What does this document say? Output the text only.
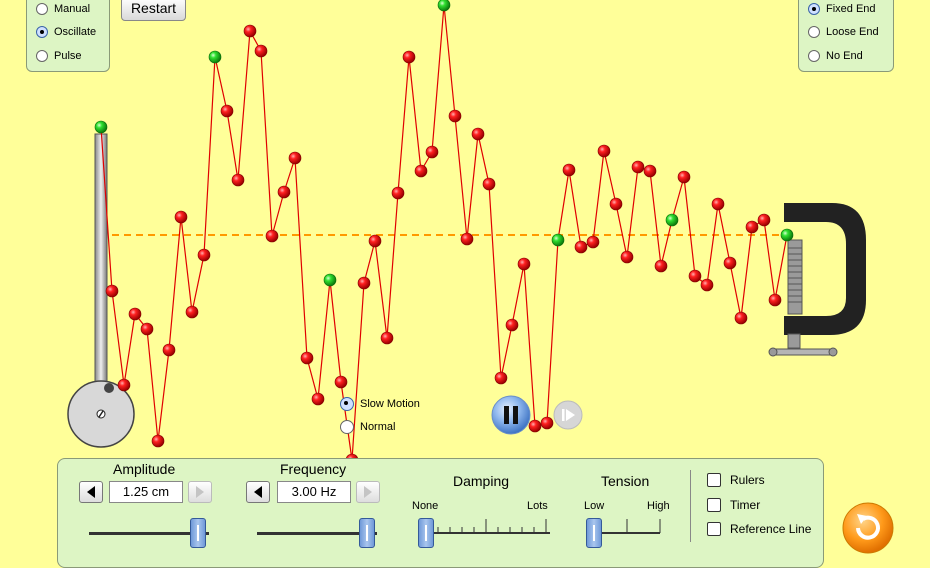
Manual
Oscillate
Pulse
Restart	Fixed End
Loose End
No End
Slow Motion
Normal
Amplitude
1.25 cm
Frequency
3.00 Hz
Damping
None	Lots
Tension
Low	High
Rulers
Timer
Reference Line
